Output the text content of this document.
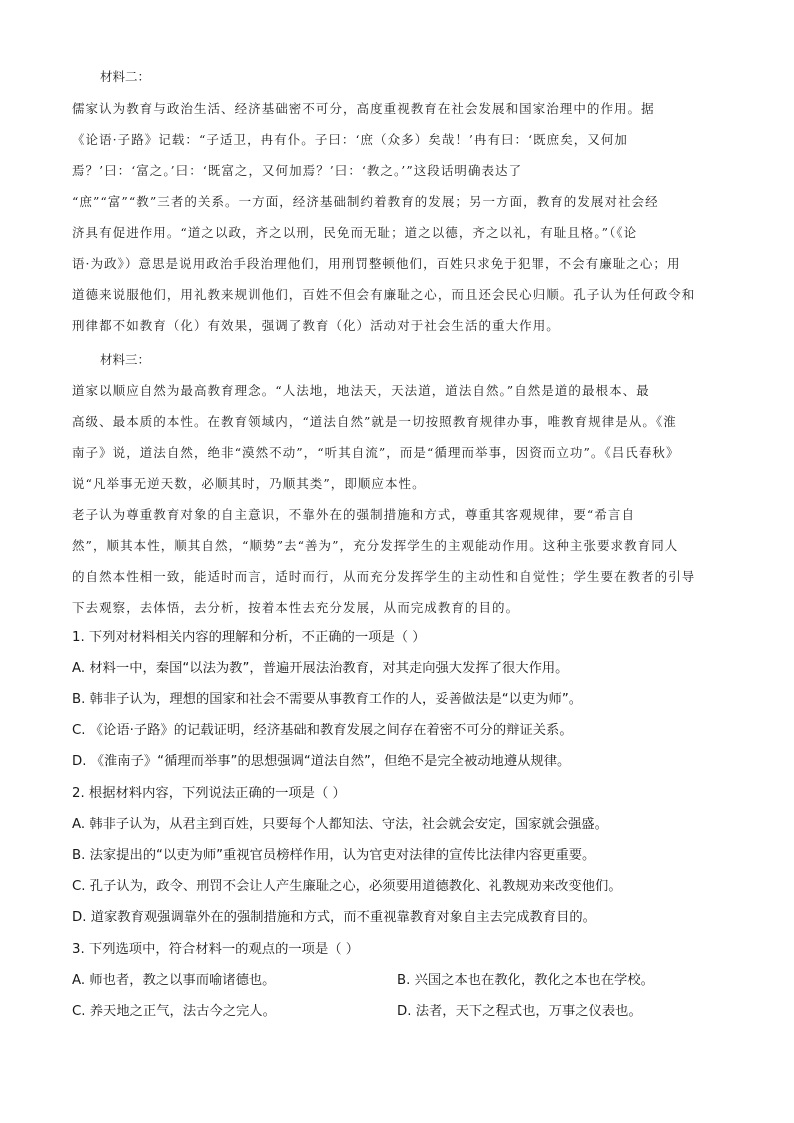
材料二：
儒家认为教育与政治生活、经济基础密不可分，高度重视教育在社会发展和国家治理中的作用。据
《论语·子路》记载：“子适卫，冉有仆。子曰：‘庶（众多）矣哉！’冉有曰：‘既庶矣，又何加
焉？’曰：‘富之。’曰：‘既富之，又何加焉？’曰：‘教之。’”这段话明确表达了
“庶”“富”“教”三者的关系。一方面，经济基础制约着教育的发展；另一方面，教育的发展对社会经
济具有促进作用。“道之以政，齐之以刑，民免而无耻；道之以德，齐之以礼，有耻且格。”（《论
语·为政》）意思是说用政治手段治理他们，用刑罚整顿他们，百姓只求免于犯罪，不会有廉耻之心；用
道德来说服他们，用礼教来规训他们，百姓不但会有廉耻之心，而且还会民心归顺。孔子认为任何政令和
刑律都不如教育（化）有效果，强调了教育（化）活动对于社会生活的重大作用。
材料三：
道家以顺应自然为最高教育理念。“人法地，地法天，天法道，道法自然。”自然是道的最根本、最
高级、最本质的本性。在教育领域内，“道法自然”就是一切按照教育规律办事，唯教育规律是从。《淮
南子》说，道法自然，绝非“漠然不动”，“听其自流”，而是“循理而举事，因资而立功”。《吕氏春秋》
说“凡举事无逆天数，必顺其时，乃顺其类”，即顺应本性。
老子认为尊重教育对象的自主意识，不靠外在的强制措施和方式，尊重其客观规律，要“希言自
然”，顺其本性，顺其自然，“顺势”去“善为”，充分发挥学生的主观能动作用。这种主张要求教育同人
的自然本性相一致，能适时而言，适时而行，从而充分发挥学生的主动性和自觉性；学生要在教者的引导
下去观察，去体悟，去分析，按着本性去充分发展，从而完成教育的目的。
1. 下列对材料相关内容的理解和分析，不正确的一项是（ ）
A. 材料一中，秦国“以法为教”，普遍开展法治教育，对其走向强大发挥了很大作用。
B. 韩非子认为，理想的国家和社会不需要从事教育工作的人，妥善做法是“以吏为师”。
C. 《论语·子路》的记载证明，经济基础和教育发展之间存在着密不可分的辩证关系。
D. 《淮南子》“循理而举事”的思想强调“道法自然”，但绝不是完全被动地遵从规律。
2. 根据材料内容，下列说法正确的一项是（ ）
A. 韩非子认为，从君主到百姓，只要每个人都知法、守法，社会就会安定，国家就会强盛。
B. 法家提出的“以吏为师”重视官员榜样作用，认为官吏对法律的宣传比法律内容更重要。
C. 孔子认为，政令、刑罚不会让人产生廉耻之心，必须要用道德教化、礼教规劝来改变他们。
D. 道家教育观强调靠外在的强制措施和方式，而不重视靠教育对象自主去完成教育目的。
3. 下列选项中，符合材料一的观点的一项是（ ）
A. 师也者，教之以事而喻诸德也。	B. 兴国之本也在教化，教化之本也在学校。
C. 养天地之正气，法古今之完人。	D. 法者，天下之程式也，万事之仪表也。
